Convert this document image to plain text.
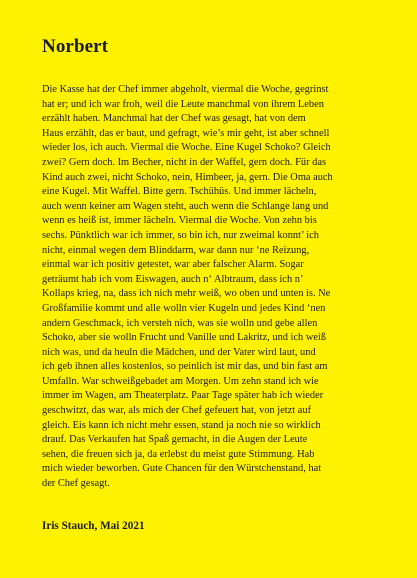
Norbert
Die Kasse hat der Chef immer abgeholt, viermal die Woche, gegrinst
hat er; und ich war froh, weil die Leute manchmal von ihrem Leben
erzählt haben. Manchmal hat der Chef was gesagt, hat von dem
Haus erzählt, das er baut, und gefragt, wie’s mir geht, ist aber schnell
wieder los, ich auch. Viermal die Woche. Eine Kugel Schoko? Gleich
zwei? Gern doch. Im Becher, nicht in der Waffel, gern doch. Für das
Kind auch zwei, nicht Schoko, nein, Himbeer, ja, gern. Die Oma auch
eine Kugel. Mit Waffel. Bitte gern. Tschühüs. Und immer lächeln,
auch wenn keiner am Wagen steht, auch wenn die Schlange lang und
wenn es heiß ist, immer lächeln. Viermal die Woche. Von zehn bis
sechs. Pünktlich war ich immer, so bin ich, nur zweimal konnt’ ich
nicht, einmal wegen dem Blinddarm, war dann nur ‘ne Reizung,
einmal war ich positiv getestet, war aber falscher Alarm. Sogar
geträumt hab ich vom Eiswagen, auch n‘ Albtraum, dass ich n’
Kollaps krieg, na, dass ich nich mehr weiß, wo oben und unten is. Ne
Großfamilie kommt und alle wolln vier Kugeln und jedes Kind ‘nen
andern Geschmack, ich versteh nich, was sie wolln und gebe allen
Schoko, aber sie wolln Frucht und Vanille und Lakritz, und ich weiß
nich was, und da heuln die Mädchen, und der Vater wird laut, und
ich geb ihnen alles kostenlos, so peinlich ist mir das, und bin fast am
Umfalln. War schweißgebadet am Morgen. Um zehn stand ich wie
immer im Wagen, am Theaterplatz. Paar Tage später hab ich wieder
geschwitzt, das war, als mich der Chef gefeuert hat, von jetzt auf
gleich. Eis kann ich nicht mehr essen, stand ja noch nie so wirklich
drauf. Das Verkaufen hat Spaß gemacht, in die Augen der Leute
sehen, die freuen sich ja, da erlebst du meist gute Stimmung. Hab
mich wieder beworben. Gute Chancen für den Würstchenstand, hat
der Chef gesagt.

Iris Stauch, Mai 2021
